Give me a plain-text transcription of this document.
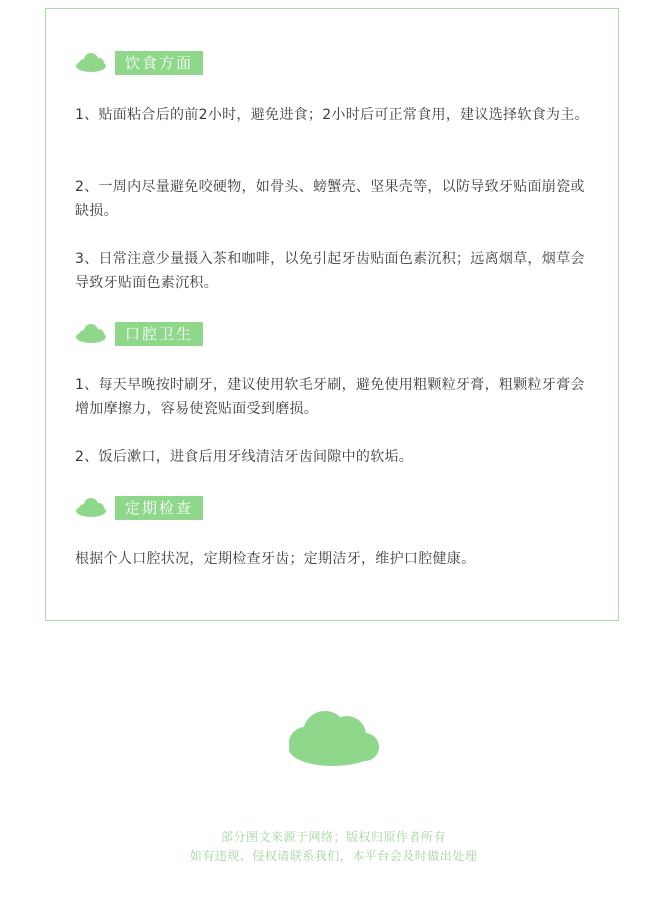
饮食方面

1、贴面粘合后的前2小时，避免进食；2小时后可正常食用，建议选择软食为主。

2、一周内尽量避免咬硬物，如骨头、螃蟹壳、坚果壳等，以防导致牙贴面崩瓷或缺损。

3、日常注意少量摄入茶和咖啡，以免引起牙齿贴面色素沉积；远离烟草，烟草会导致牙贴面色素沉积。

口腔卫生

1、每天早晚按时刷牙，建议使用软毛牙刷，避免使用粗颗粒牙膏，粗颗粒牙膏会增加摩擦力，容易使瓷贴面受到磨损。

2、饭后漱口，进食后用牙线清洁牙齿间隙中的软垢。

定期检查

根据个人口腔状况，定期检查牙齿；定期洁牙，维护口腔健康。

部分图文来源于网络；版权归原作者所有
如有违规、侵权请联系我们，本平台会及时做出处理
